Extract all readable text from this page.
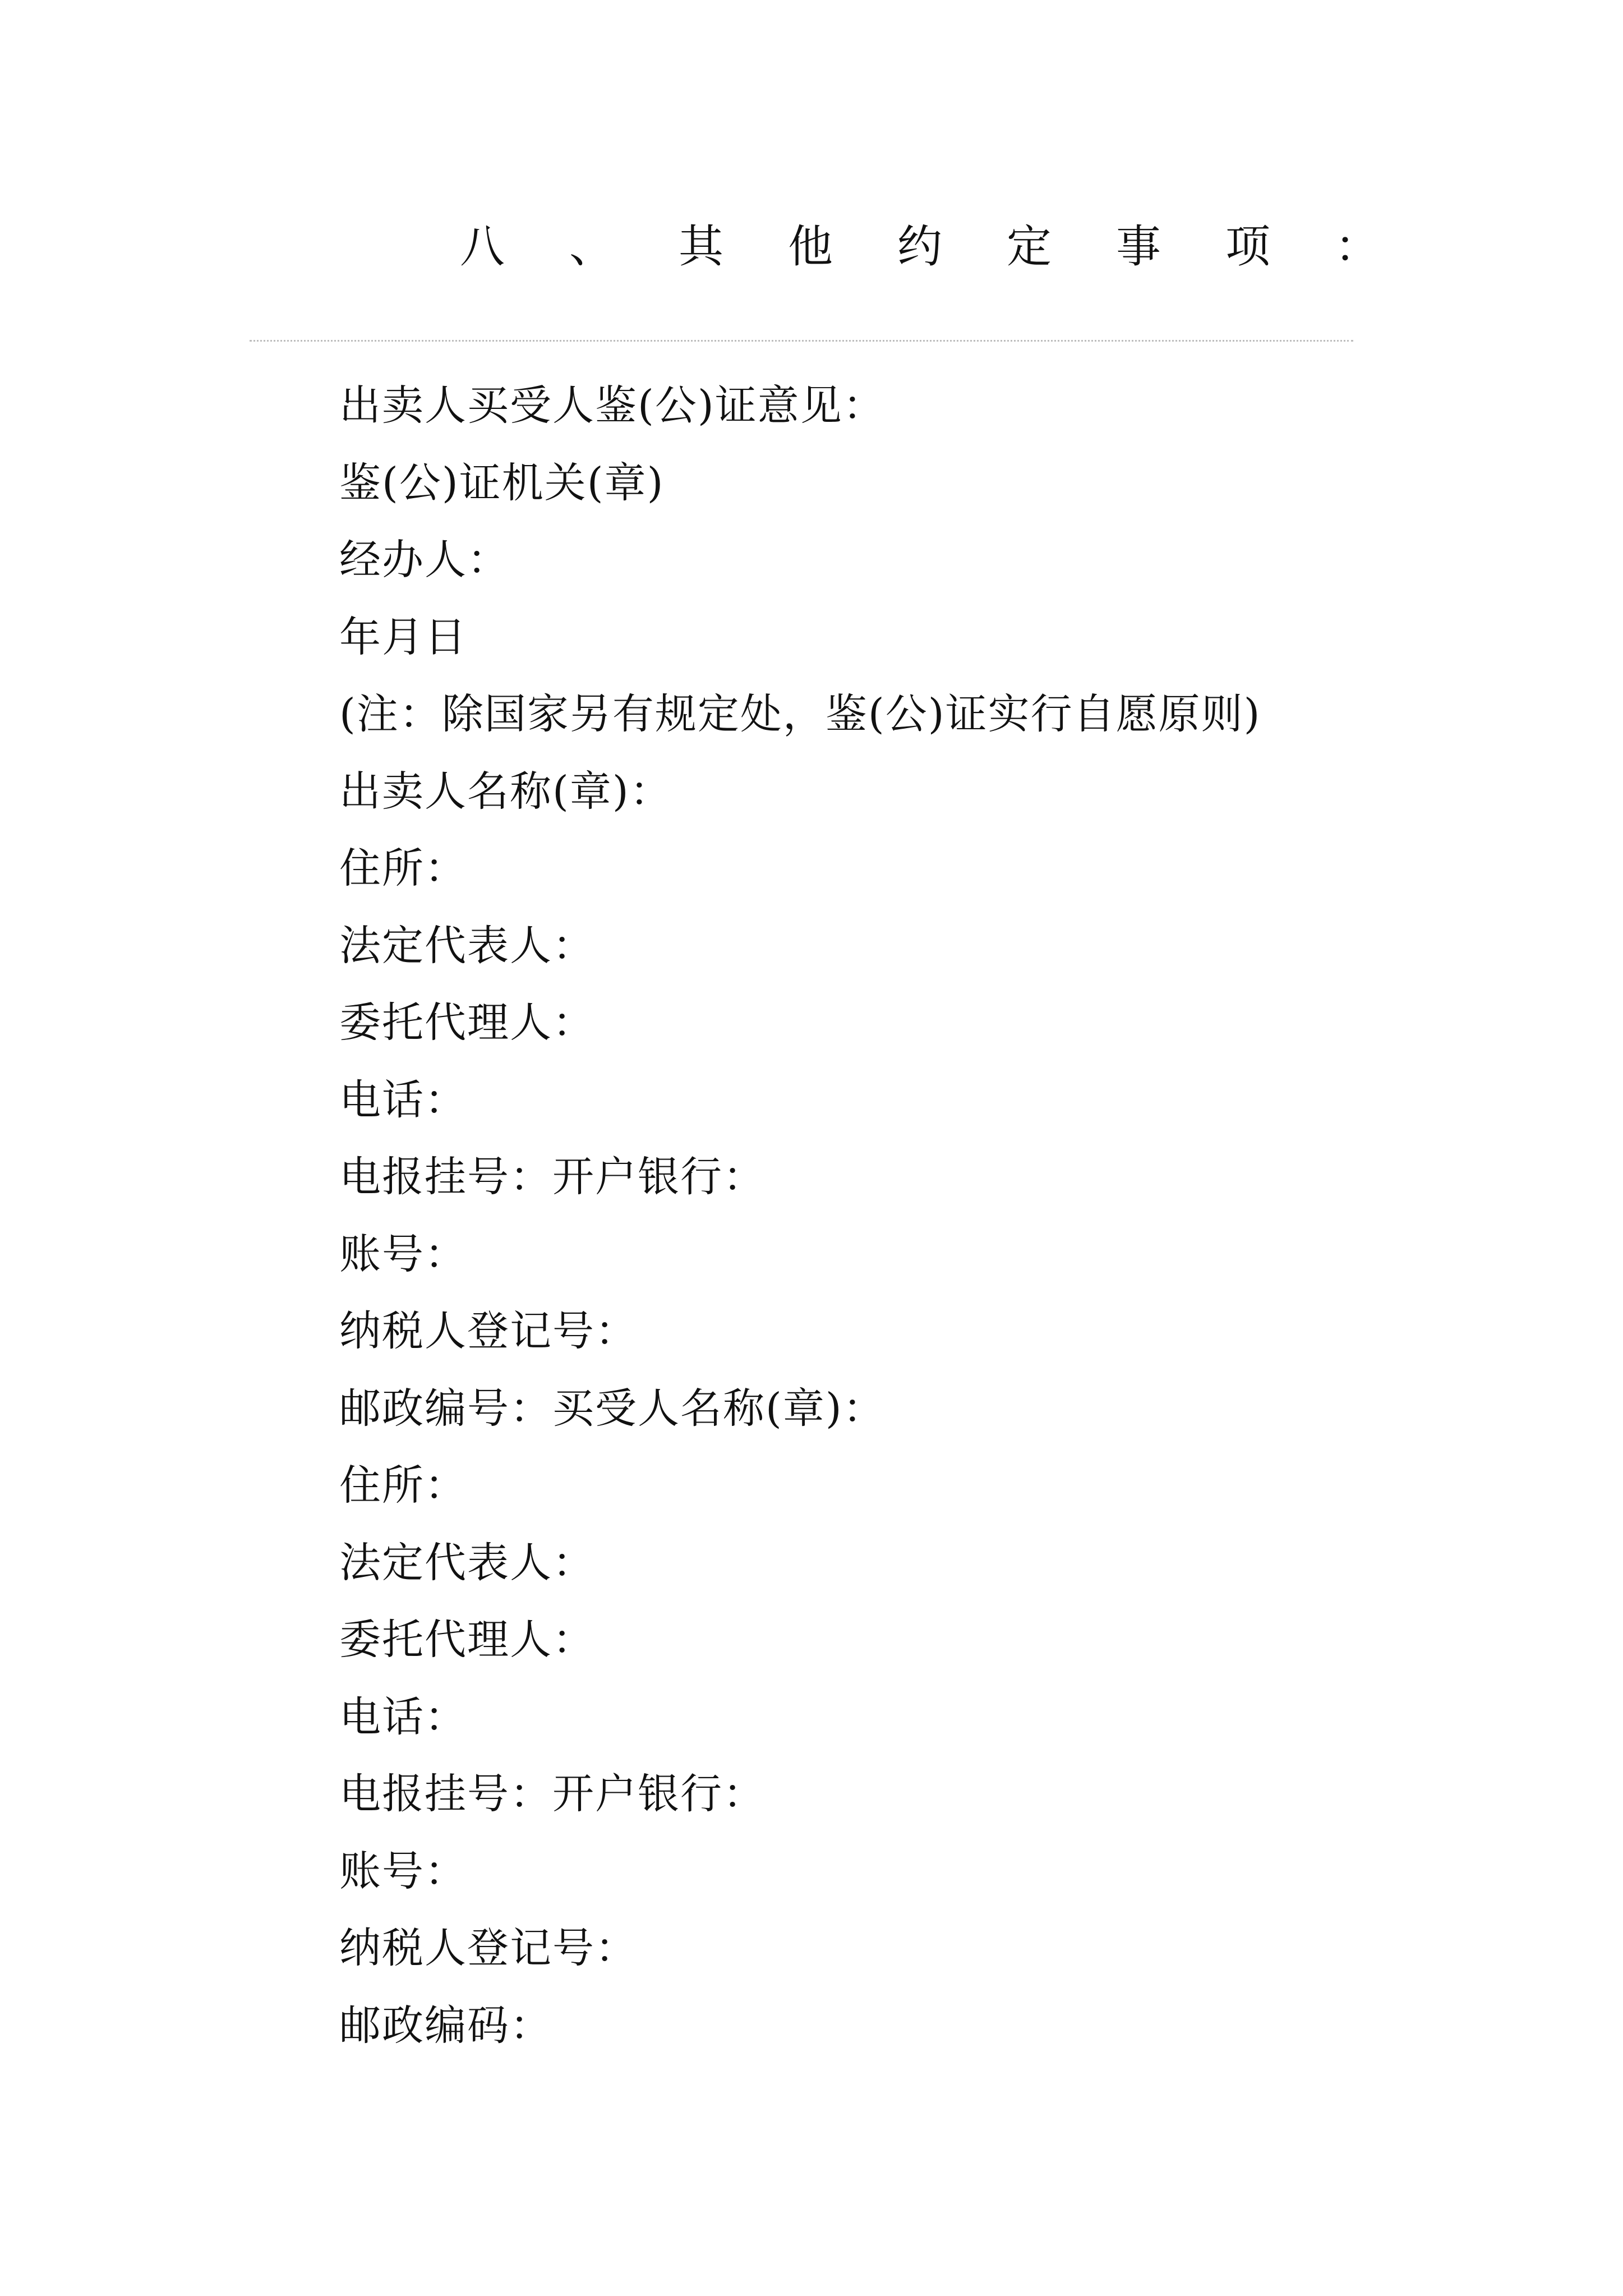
八 、 其 他 约 定 事 项 ：
出卖人买受人鉴(公)证意见：
鉴(公)证机关(章)
经办人：
年月日
(注：除国家另有规定处，鉴(公)证实行自愿原则)
出卖人名称(章)：
住所：
法定代表人：
委托代理人：
电话：
电报挂号：开户银行：
账号：
纳税人登记号：
邮政编号：买受人名称(章)：
住所：
法定代表人：
委托代理人：
电话：
电报挂号：开户银行：
账号：
纳税人登记号：
邮政编码：
